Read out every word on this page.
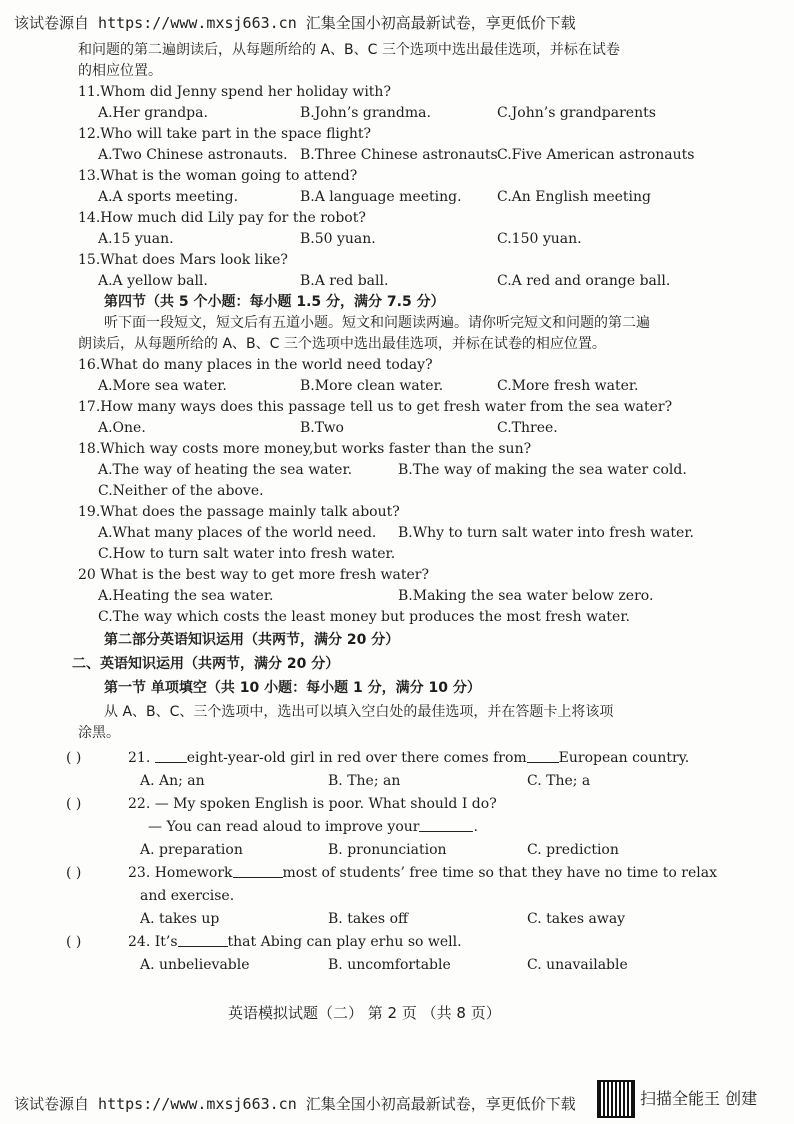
该试卷源自 https://www.mxsj663.cn 汇集全国小初高最新试卷，享更低价下载
和问题的第二遍朗读后，从每题所给的 A、B、C 三个选项中选出最佳选项，并标在试卷
的相应位置。
11.Whom did Jenny spend her holiday with?
A.Her grandpa.	B.John’s grandma.	C.John’s grandparents
12.Who will take part in the space flight?
A.Two Chinese astronauts. B.Three Chinese astronauts C.Five American astronauts
13.What is the woman going to attend?
A.A sports meeting.	B.A language meeting.	C.An English meeting
14.How much did Lily pay for the robot?
A.15 yuan.	B.50 yuan.	C.150 yuan.
15.What does Mars look like?
A.A yellow ball.	B.A red ball.	C.A red and orange ball.
第四节（共 5 个小题：每小题 1.5 分，满分 7.5 分）
听下面一段短文，短文后有五道小题。短文和问题读两遍。请你听完短文和问题的第二遍
朗读后，从每题所给的 A、B、C 三个选项中选出最佳选项，并标在试卷的相应位置。
16.What do many places in the world need today?
A.More sea water.	B.More clean water.	C.More fresh water.
17.How many ways does this passage tell us to get fresh water from the sea water?
A.One.	B.Two	C.Three.
18.Which way costs more money,but works faster than the sun?
A.The way of heating the sea water.	B.The way of making the sea water cold.
C.Neither of the above.
19.What does the passage mainly talk about?
A.What many places of the world need.	B.Why to turn salt water into fresh water.
C.How to turn salt water into fresh water.
20 What is the best way to get more fresh water?
A.Heating the sea water.	B.Making the sea water below zero.
C.The way which costs the least money but produces the most fresh water.
第二部分英语知识运用（共两节，满分 20 分）
二、英语知识运用（共两节，满分 20 分）
第一节 单项填空（共 10 小题：每小题 1 分，满分 10 分）
从 A、B、C、三个选项中，选出可以填入空白处的最佳选项，并在答题卡上将该项
涂黑。
( )	21.
	eight-year-old girl in red over there comes from European country.
A. An; an	B. The; an	C. The; a
( )	22.
— My spoken English is poor. What should I do?
— You can read aloud to improve your	.
A. preparation	B. pronunciation	C. prediction
( )	23.
Homework	most of students’ free time so that they have no time to relax
and exercise.
A. takes up	B. takes off	C. takes away
( )	24.
It’s	that Abing can play erhu so well.
A. unbelievable	B. uncomfortable	C. unavailable
英语模拟试题（二） 第 2 页 （共 8 页）
该试卷源自 https://www.mxsj663.cn 汇集全国小初高最新试卷，享更低价下载	扫描全能王 创建
